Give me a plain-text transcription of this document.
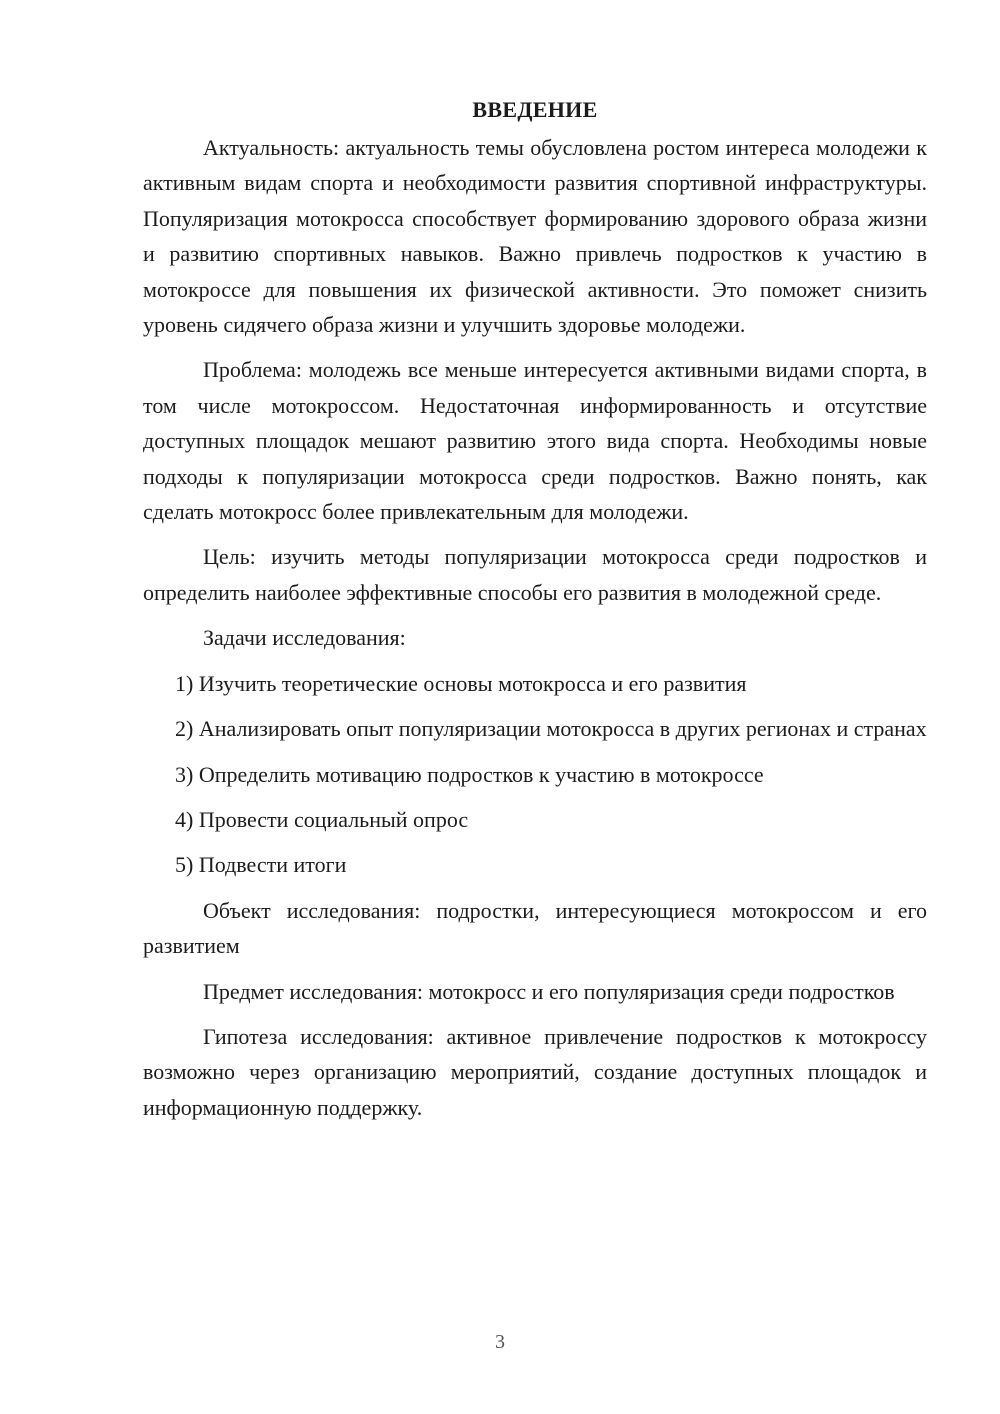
ВВЕДЕНИЕ

Актуальность: актуальность темы обусловлена ростом интереса молодежи к активным видам спорта и необходимости развития спортивной инфраструктуры. Популяризация мотокросса способствует формированию здорового образа жизни и развитию спортивных навыков. Важно привлечь подростков к участию в мотокроссе для повышения их физической активности. Это поможет снизить уровень сидячего образа жизни и улучшить здоровье молодежи.

Проблема: молодежь все меньше интересуется активными видами спорта, в том числе мотокроссом. Недостаточная информированность и отсутствие доступных площадок мешают развитию этого вида спорта. Необходимы новые подходы к популяризации мотокросса среди подростков. Важно понять, как сделать мотокросс более привлекательным для молодежи.

Цель: изучить методы популяризации мотокросса среди подростков и определить наиболее эффективные способы его развития в молодежной среде.

Задачи исследования:

1) Изучить теоретические основы мотокросса и его развития

2) Анализировать опыт популяризации мотокросса в других регионах и странах

3) Определить мотивацию подростков к участию в мотокроссе

4) Провести социальный опрос

5) Подвести итоги

Объект исследования: подростки, интересующиеся мотокроссом и его развитием

Предмет исследования: мотокросс и его популяризация среди подростков

Гипотеза исследования: активное привлечение подростков к мотокроссу возможно через организацию мероприятий, создание доступных площадок и информационную поддержку.

3
